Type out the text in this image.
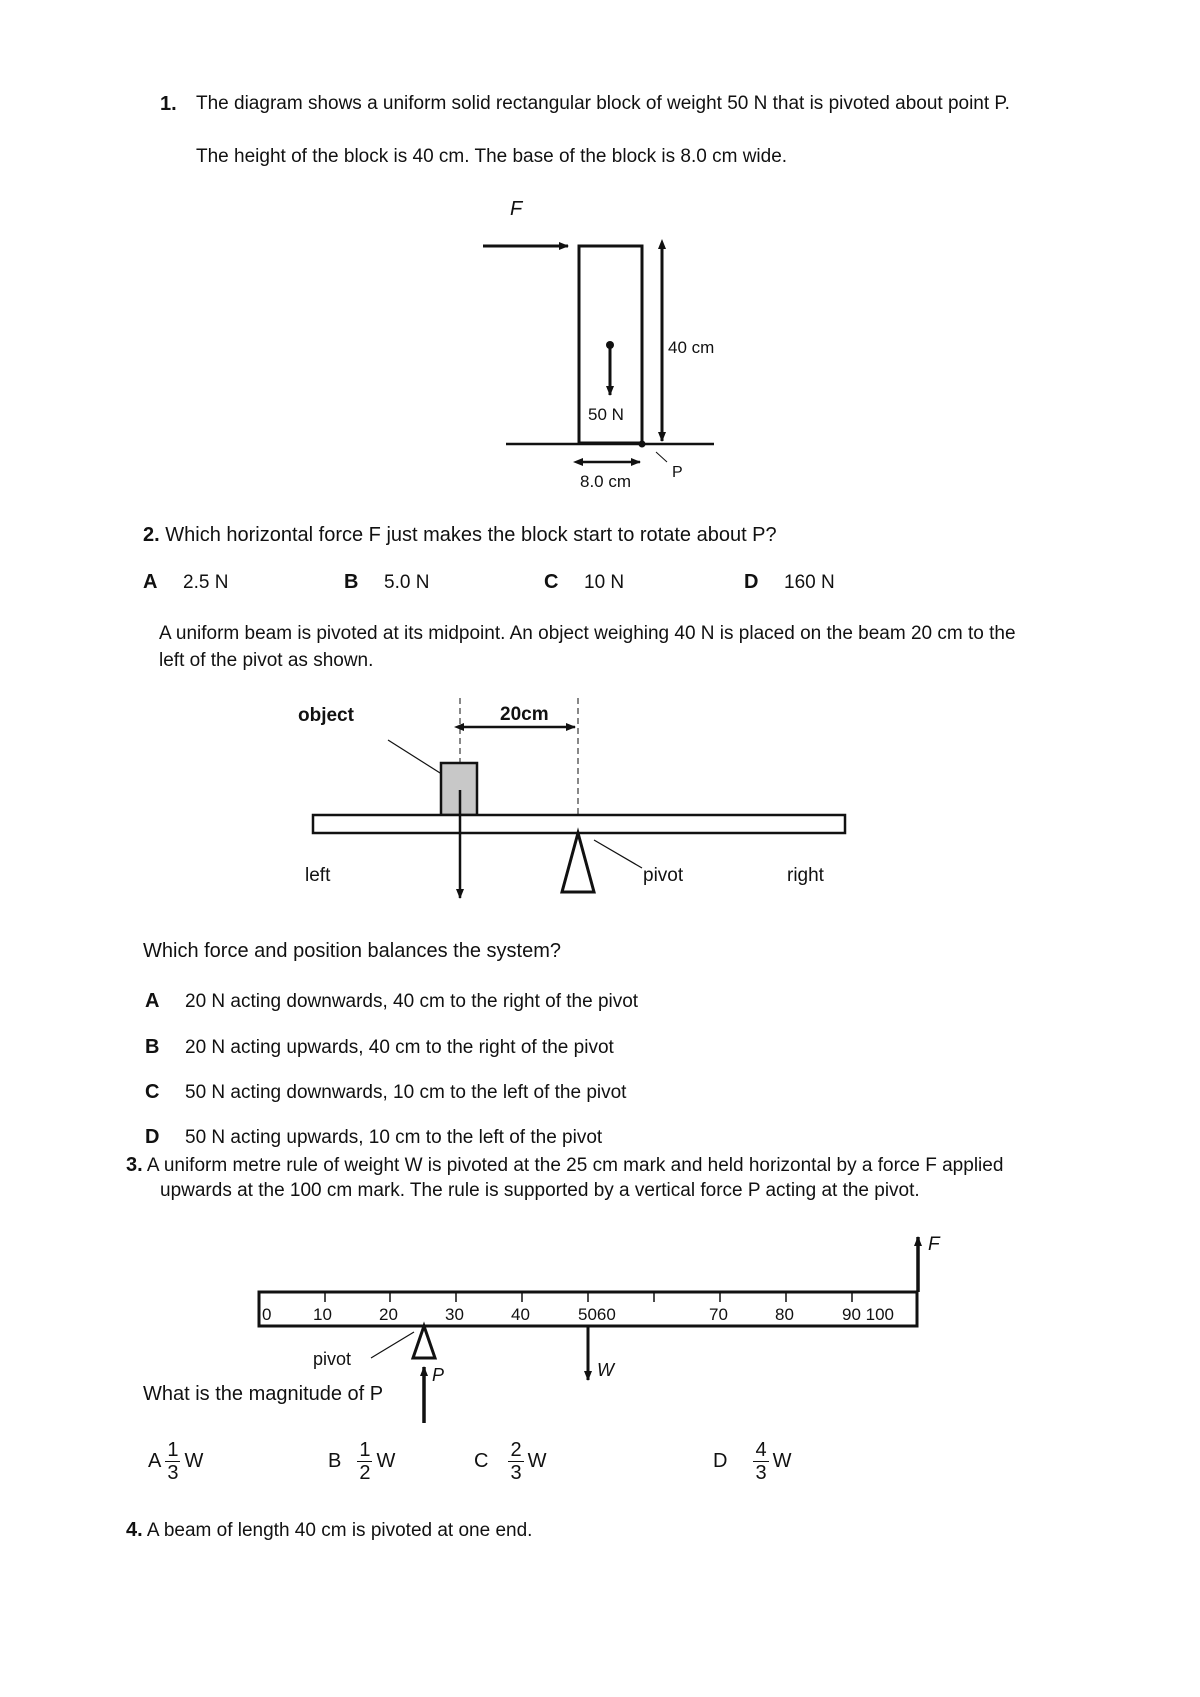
1. The diagram shows a uniform solid rectangular block of weight 50 N that is pivoted about point P.
The height of the block is 40 cm. The base of the block is 8.0 cm wide.
F
50 N
40 cm
8.0 cm	P
2. Which horizontal force F just makes the block start to rotate about P?
A	2.5 N	B	5.0 N	C	10 N	D	160 N
A uniform beam is pivoted at its midpoint. An object weighing 40 N is placed on the beam 20 cm to the
left of the pivot as shown.
object	20cm
left	pivot	right
Which force and position balances the system?
A	20 N acting downwards, 40 cm to the right of the pivot
B	20 N acting upwards, 40 cm to the right of the pivot
C	50 N acting downwards, 10 cm to the left of the pivot
D	50 N acting upwards, 10 cm to the left of the pivot
3. A uniform metre rule of weight W is pivoted at the 25 cm mark and held horizontal by a force F applied
upwards at the 100 cm mark. The rule is supported by a vertical force P acting at the pivot.
0 10	20	30	40	5060	70	80	90 100
F
pivot
P	W
What is the magnitude of P
A $\frac{1}{3}$ W	B $\frac{1}{2}$ W	C $\frac{2}{3}$ W	D $\frac{4}{3}$ W
4. A beam of length 40 cm is pivoted at one end.
